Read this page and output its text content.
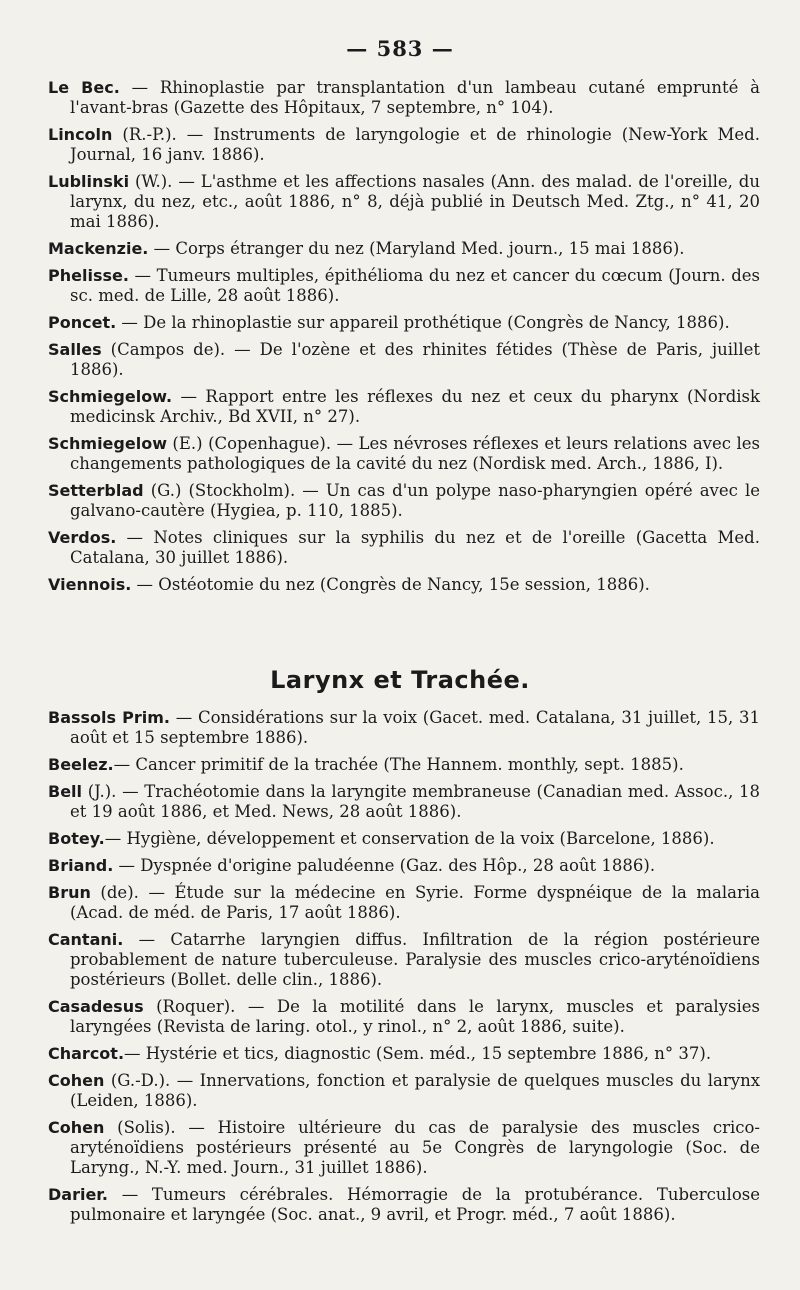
— 583 —

Le Bec. — Rhinoplastie par transplantation d'un lambeau cutané emprunté à l'avant-bras (Gazette des Hôpitaux, 7 septembre, n° 104).

Lincoln (R.-P.). — Instruments de laryngologie et de rhinologie (New-York Med. Journal, 16 janv. 1886).

Lublinski (W.). — L'asthme et les affections nasales (Ann. des malad. de l'oreille, du larynx, du nez, etc., août 1886, n° 8, déjà publié in Deutsch Med. Ztg., n° 41, 20 mai 1886).

Mackenzie. — Corps étranger du nez (Maryland Med. journ., 15 mai 1886).

Phelisse. — Tumeurs multiples, épithélioma du nez et cancer du cœcum (Journ. des sc. med. de Lille, 28 août 1886).

Poncet. — De la rhinoplastie sur appareil prothétique (Congrès de Nancy, 1886).

Salles (Campos de). — De l'ozène et des rhinites fétides (Thèse de Paris, juillet 1886).

Schmiegelow. — Rapport entre les réflexes du nez et ceux du pharynx (Nordisk medicinsk Archiv., Bd XVII, n° 27).

Schmiegelow (E.) (Copenhague). — Les névroses réflexes et leurs relations avec les changements pathologiques de la cavité du nez (Nordisk med. Arch., 1886, I).

Setterblad (G.) (Stockholm). — Un cas d'un polype naso-pharyngien opéré avec le galvano-cautère (Hygiea, p. 110, 1885).

Verdos. — Notes cliniques sur la syphilis du nez et de l'oreille (Gacetta Med. Catalana, 30 juillet 1886).

Viennois. — Ostéotomie du nez (Congrès de Nancy, 15e session, 1886).

Larynx et Trachée.

Bassols Prim. — Considérations sur la voix (Gacet. med. Catalana, 31 juillet, 15, 31 août et 15 septembre 1886).

Beelez.— Cancer primitif de la trachée (The Hannem. monthly, sept. 1885).

Bell (J.). — Trachéotomie dans la laryngite membraneuse (Canadian med. Assoc., 18 et 19 août 1886, et Med. News, 28 août 1886).

Botey.— Hygiène, développement et conservation de la voix (Barcelone, 1886).

Briand. — Dyspnée d'origine paludéenne (Gaz. des Hôp., 28 août 1886).

Brun (de). — Étude sur la médecine en Syrie. Forme dyspnéique de la malaria (Acad. de méd. de Paris, 17 août 1886).

Cantani. — Catarrhe laryngien diffus. Infiltration de la région postérieure probablement de nature tuberculeuse. Paralysie des muscles crico-aryténoïdiens postérieurs (Bollet. delle clin., 1886).

Casadesus (Roquer). — De la motilité dans le larynx, muscles et paralysies laryngées (Revista de laring. otol., y rinol., n° 2, août 1886, suite).

Charcot.— Hystérie et tics, diagnostic (Sem. méd., 15 septembre 1886, n° 37).

Cohen (G.-D.). — Innervations, fonction et paralysie de quelques muscles du larynx (Leiden, 1886).

Cohen (Solis). — Histoire ultérieure du cas de paralysie des muscles crico-aryténoïdiens postérieurs présenté au 5e Congrès de laryngologie (Soc. de Laryng., N.-Y. med. Journ., 31 juillet 1886).

Darier. — Tumeurs cérébrales. Hémorragie de la protubérance. Tuberculose pulmonaire et laryngée (Soc. anat., 9 avril, et Progr. méd., 7 août 1886).
